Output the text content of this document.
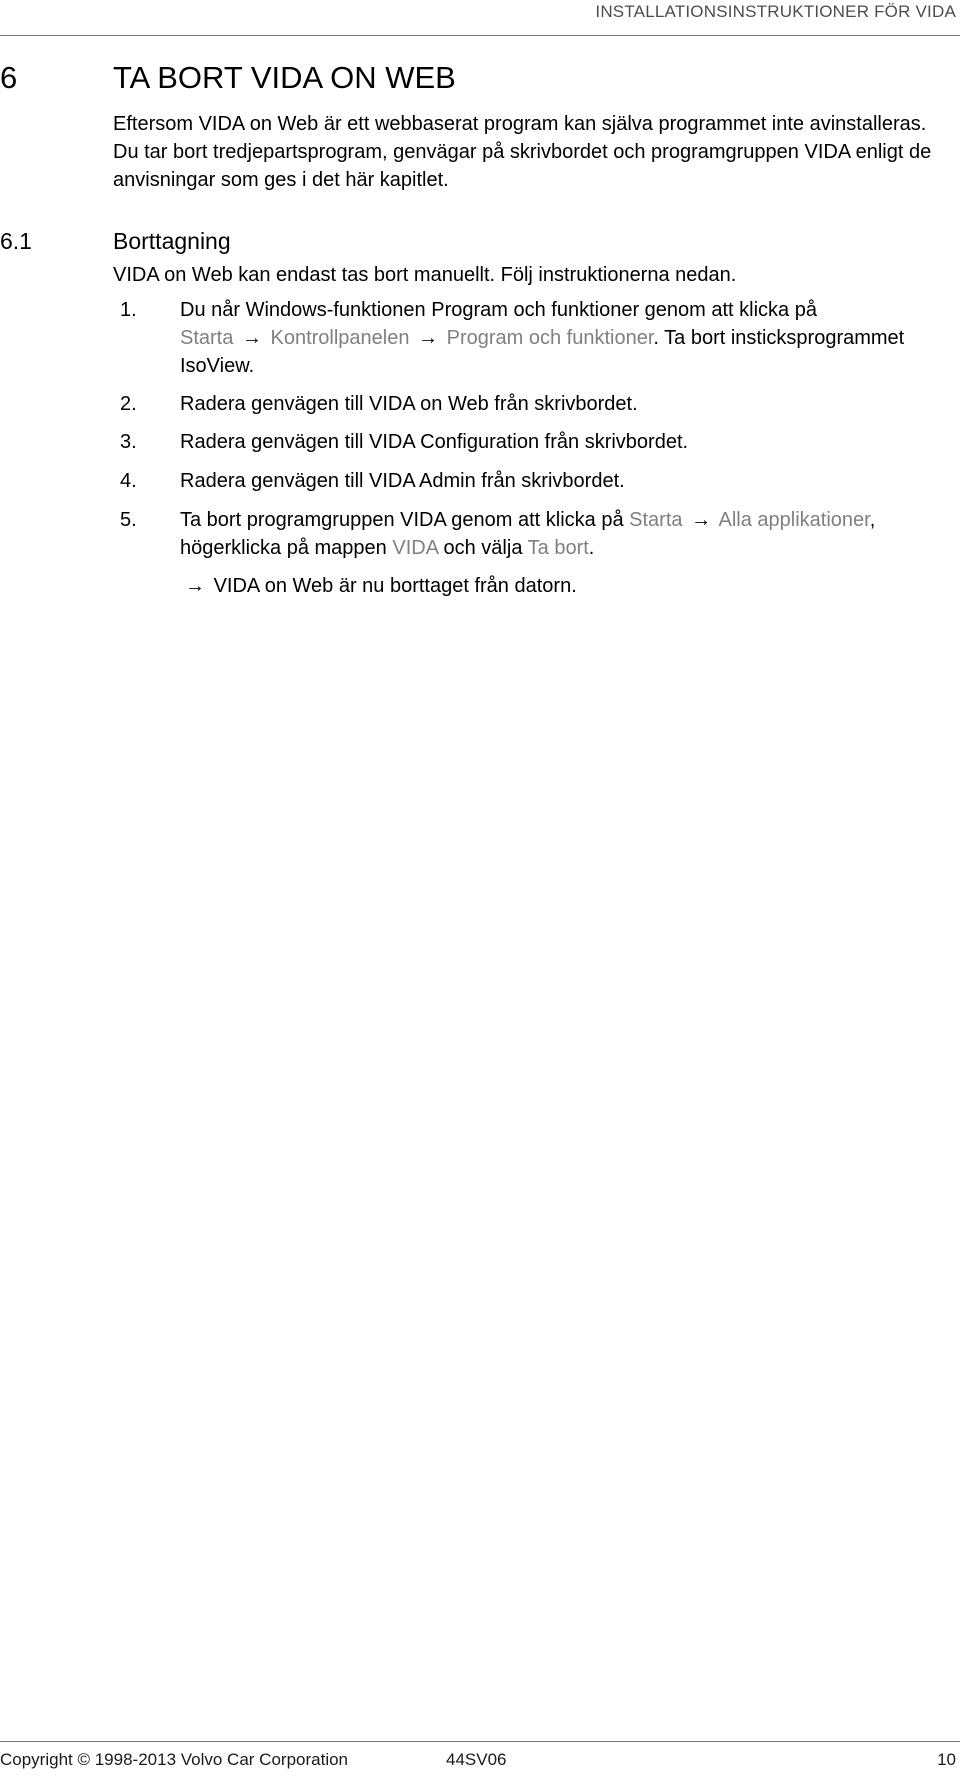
INSTALLATIONSINSTRUKTIONER FÖR VIDA
6	TA BORT VIDA ON WEB
Eftersom VIDA on Web är ett webbaserat program kan själva programmet inte avinstalleras. Du tar bort tredjepartsprogram, genvägar på skrivbordet och programgruppen VIDA enligt de anvisningar som ges i det här kapitlet.
6.1	Borttagning
VIDA on Web kan endast tas bort manuellt. Följ instruktionerna nedan.
1. Du når Windows-funktionen Program och funktioner genom att klicka på
Starta → Kontrollpanelen → Program och funktioner. Ta bort insticksprogrammet IsoView.
2. Radera genvägen till VIDA on Web från skrivbordet.
3. Radera genvägen till VIDA Configuration från skrivbordet.
4. Radera genvägen till VIDA Admin från skrivbordet.
5. Ta bort programgruppen VIDA genom att klicka på Starta → Alla applikationer, högerklicka på mappen VIDA och välja Ta bort.
→ VIDA on Web är nu borttaget från datorn.
Copyright © 1998-2013 Volvo Car Corporation	44SV06	10
